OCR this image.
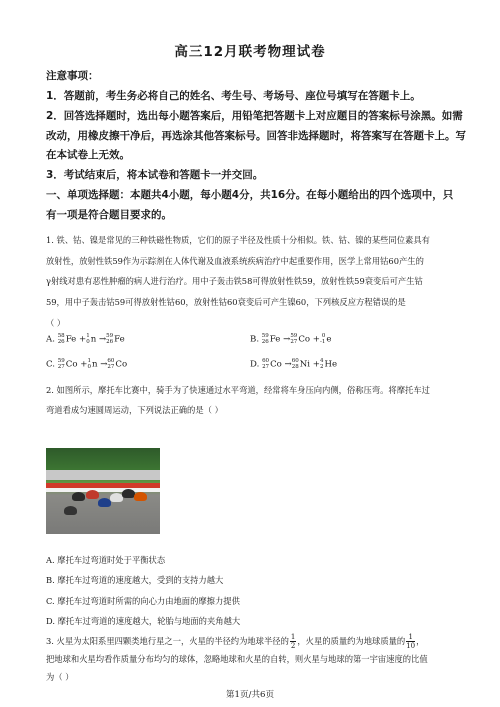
高三12月联考物理试卷
注意事项：
1．答题前，考生务必将自己的姓名、考生号、考场号、座位号填写在答题卡上。
2．回答选择题时，选出每小题答案后，用铅笔把答题卡上对应题目的答案标号涂黑。如需
改动，用橡皮擦干净后，再选涂其他答案标号。回答非选择题时，将答案写在答题卡上。写
在本试卷上无效。
3．考试结束后，将本试卷和答题卡一并交回。
一、单项选择题：本题共4小题，每小题4分，共16分。在每小题给出的四个选项中，只
有一项是符合题目要求的。
1. 铁、钴、镍是常见的三种铁磁性物质，它们的原子半径及性质十分相似。铁、钴、镍的某些同位素具有
放射性，放射性铁59作为示踪剂在人体代谢及血液系统疾病治疗中起重要作用，医学上常用钴60产生的
γ射线对患有恶性肿瘤的病人进行治疗。用中子轰击铁58可得放射性铁59，放射性铁59衰变后可产生钴
59，用中子轰击钴59可得放射性钴60，放射性钴60衰变后可产生镍60，下列核反应方程错误的是
（ ）
A. 58
26 Fe + 1
0 n → 59
26 Fe	B. 59
26 Fe → 59
27 Co + 0
-1 e
C. 59
27 Co + 1
0 n → 60
27 Co	D. 60
27 Co → 60
28 Ni + 4
2 He
2. 如图所示，摩托车比赛中，骑手为了快速通过水平弯道，经常将车身压向内侧，俗称压弯。将摩托车过
弯道看成匀速圆周运动，下列说法正确的是（ ）
A. 摩托车过弯道时处于平衡状态
B. 摩托车过弯道的速度越大，受到的支持力越大
C. 摩托车过弯道时所需的向心力由地面的摩擦力提供
D. 摩托车过弯道的速度越大，轮胎与地面的夹角越大
3. 火星为太阳系里四颗类地行星之一，火星的半径约为地球半径的 $\frac{1}{2}$ ，火星的质量约为地球质量的 $\frac{1}{10}$ ，
把地球和火星均看作质量分布均匀的球体，忽略地球和火星的自转，则火星与地球的第一宇宙速度的比值
第1页/共6页
为（ ）
